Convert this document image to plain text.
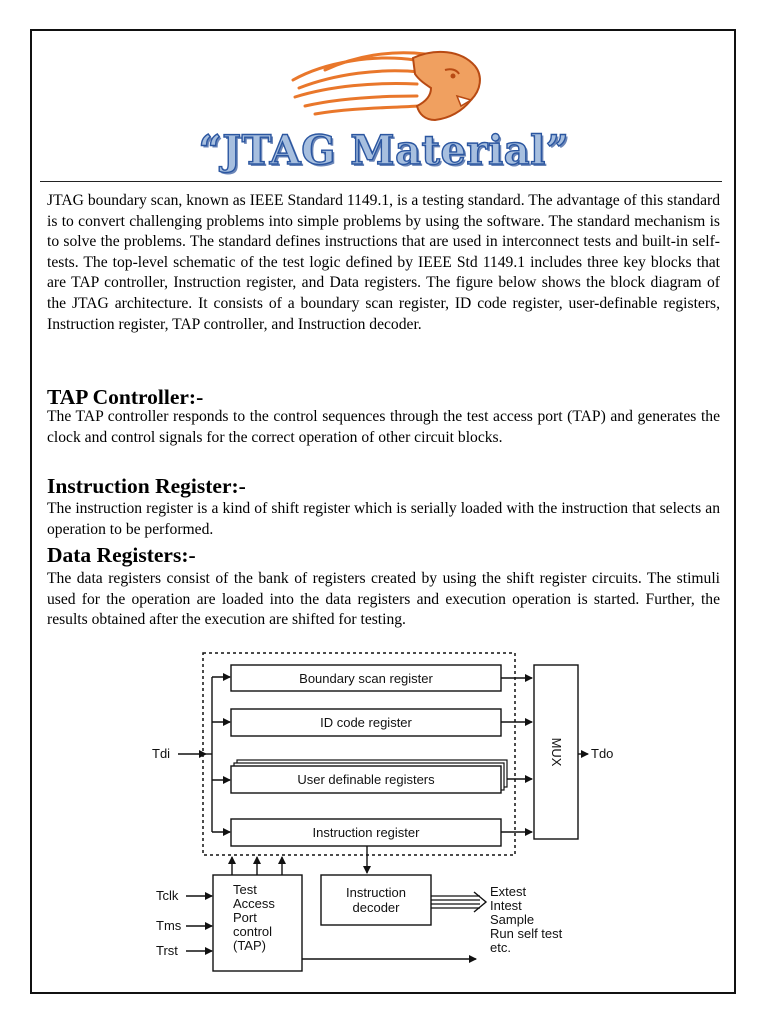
“JTAG Material”

JTAG boundary scan, known as IEEE Standard 1149.1, is a testing standard. The advantage of this standard is to convert challenging problems into simple problems by using the software. The standard mechanism is to solve the problems. The standard defines instructions that are used in interconnect tests and built-in self-tests. The top-level schematic of the test logic defined by IEEE Std 1149.1 includes three key blocks that are TAP controller, Instruction register, and Data registers. The figure below shows the block diagram of the JTAG architecture. It consists of a boundary scan register, ID code register, user-definable registers, Instruction register, TAP controller, and Instruction decoder.

TAP Controller:-

The TAP controller responds to the control sequences through the test access port (TAP) and generates the clock and control signals for the correct operation of other circuit blocks.

Instruction Register:-

The instruction register is a kind of shift register which is serially loaded with the instruction that selects an operation to be performed.

Data Registers:-

The data registers consist of the bank of registers created by using the shift register circuits. The stimuli used for the operation are loaded into the data registers and execution operation is started. Further, the results obtained after the execution are shifted for testing.

Tdi
Boundary scan register
ID code register
User definable registers
Instruction register
MUX Tdo
Test
Access
Port
control
(TAP)
Tclk
Tms
Trst
Instruction
decoder
Extest
Intest
Sample
Run self test
etc.
